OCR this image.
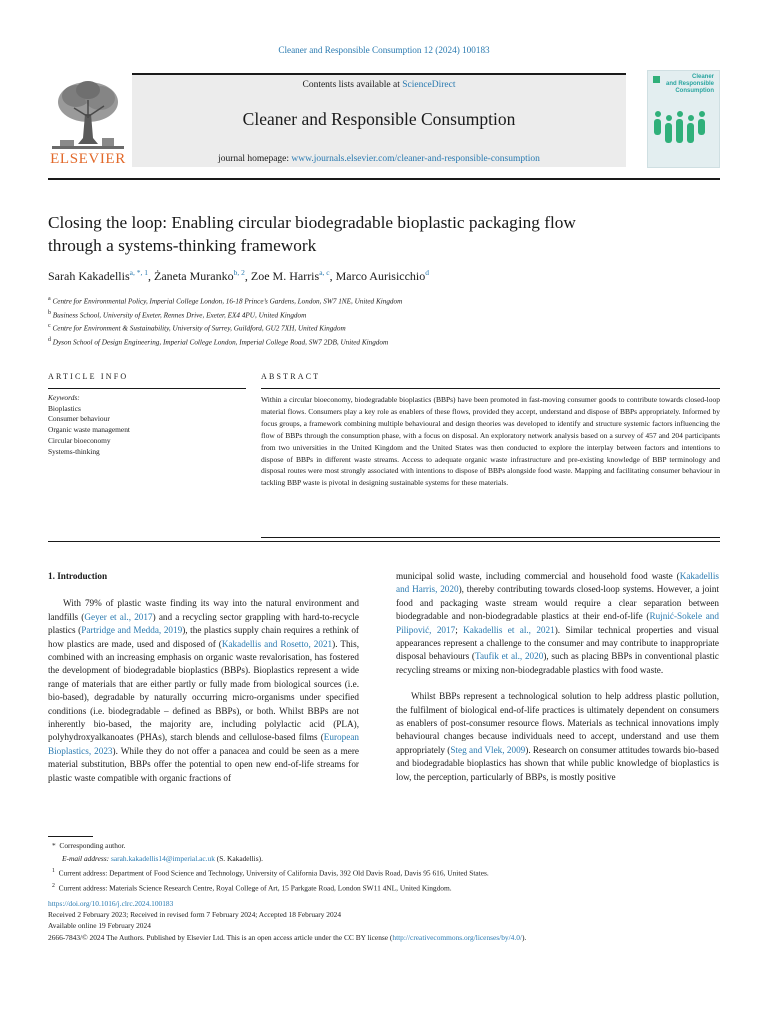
Cleaner and Responsible Consumption 12 (2024) 100183
ELSEVIER
Contents lists available at ScienceDirect
Cleaner and Responsible Consumption
journal homepage: www.journals.elsevier.com/cleaner-and-responsible-consumption
Cleaner
and Responsible
Consumption
Closing the loop: Enabling circular biodegradable bioplastic packaging flow
through a systems-thinking framework
Sarah Kakadellis$^{a, *, 1}$, Żaneta Muranko$^{b, 2}$, Zoe M. Harris$^{a, c}$, Marco Aurisicchio$^d$
$^a$ Centre for Environmental Policy, Imperial College London, 16-18 Prince’s Gardens, London, SW7 1NE, United Kingdom
$^b$ Business School, University of Exeter, Rennes Drive, Exeter, EX4 4PU, United Kingdom
$^c$ Centre for Environment & Sustainability, University of Surrey, Guildford, GU2 7XH, United Kingdom
$^d$ Dyson School of Design Engineering, Imperial College London, Imperial College Road, SW7 2DB, United Kingdom
ARTICLE INFO
Keywords:
Bioplastics
Consumer behaviour
Organic waste management
Circular bioeconomy
Systems-thinking
ABSTRACT
Within a circular bioeconomy, biodegradable bioplastics (BBPs) have been promoted in fast-moving consumer goods to contribute towards closed-loop material flows. Consumers play a key role as enablers of these flows, provided they accept, understand and dispose of BBPs appropriately. Informed by focus groups, a framework combining multiple behavioural and design theories was developed to identify and structure systemic factors influencing the flow of BBPs through the consumption phase, with a focus on disposal. An exploratory network analysis based on a survey of 457 and 204 participants from two universities in the United Kingdom and the United States was then conducted to explore the interplay between factors and intentions to dispose of BBPs in different waste streams. Access to adequate organic waste infrastructure and pre-existing knowledge of BBP terminology and disposal routes were most strongly associated with intentions to dispose of BBPs alongside food waste. Mapping and facilitating consumer behaviour in tackling BBP waste is pivotal in designing sustainable systems for these materials.
1. Introduction

With 79% of plastic waste finding its way into the natural environment and landfills (Geyer et al., 2017) and a recycling sector grappling with hard-to-recycle plastics (Partridge and Medda, 2019), the plastics supply chain requires a rethink of how plastics are made, used and disposed of (Kakadellis and Rosetto, 2021). This, combined with an increasing emphasis on organic waste revalorisation, has fostered the development of biodegradable bioplastics (BBPs). Bioplastics represent a wide range of materials that are either partly or fully made from biological sources (i.e. bio-based), degradable by naturally occurring micro-organisms under specified conditions (i.e. biodegradable – defined as BBPs), or both. Whilst BBPs are not inherently bio-based, the majority are, including polylactic acid (PLA), polyhydroxyalkanoates (PHAs), starch blends and cellulose-based films (European Bioplastics, 2023). While they do not offer a panacea and could be seen as a mere material substitution, BBPs offer the potential to open new end-of-life streams for plastic waste compatible with organic fractions of

municipal solid waste, including commercial and household food waste (Kakadellis and Harris, 2020), thereby contributing towards closed-loop systems. However, a joint food and packaging waste stream would require a clear separation between biodegradable and non-biodegradable plastics at their end-of-life (Rujnić-Sokele and Pilipović, 2017; Kakadellis et al., 2021). Similar technical properties and visual appearances represent a challenge to the consumer and may contribute to inappropriate disposal behaviours (Taufik et al., 2020), such as placing BBPs in conventional plastic recycling streams or mixing non-biodegradable plastics with food waste.

Whilst BBPs represent a technological solution to help address plastic pollution, the fulfilment of biological end-of-life practices is ultimately dependent on consumers as enablers of post-consumer resource flows. Materials as technical innovations imply behavioural changes because individuals need to accept, understand and use them appropriately (Steg and Vlek, 2009). Research on consumer attitudes towards bio-based and biodegradable bioplastics has shown that while public knowledge of bioplastics is low, the perception, particularly of BBPs, is mostly positive

*  Corresponding author.
E-mail address: sarah.kakadellis14@imperial.ac.uk (S. Kakadellis).
$^1$ Current address: Department of Food Science and Technology, University of California Davis, 392 Old Davis Road, Davis 95 616, United States.
$^2$ Current address: Materials Science Research Centre, Royal College of Art, 15 Parkgate Road, London SW11 4NL, United Kingdom.
https://doi.org/10.1016/j.clrc.2024.100183
Received 2 February 2023; Received in revised form 7 February 2024; Accepted 18 February 2024
Available online 19 February 2024
2666-7843/© 2024 The Authors. Published by Elsevier Ltd. This is an open access article under the CC BY license (http://creativecommons.org/licenses/by/4.0/).
